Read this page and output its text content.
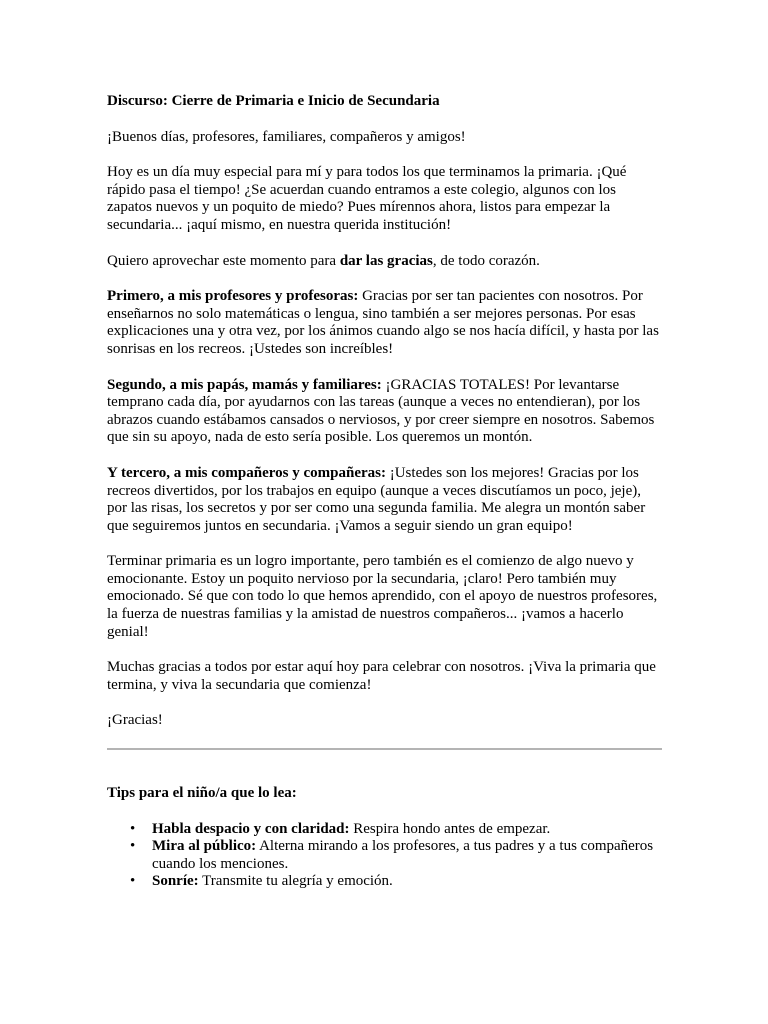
Discurso: Cierre de Primaria e Inicio de Secundaria

¡Buenos días, profesores, familiares, compañeros y amigos!

Hoy es un día muy especial para mí y para todos los que terminamos la primaria. ¡Qué rápido pasa el tiempo! ¿Se acuerdan cuando entramos a este colegio, algunos con los zapatos nuevos y un poquito de miedo? Pues mírennos ahora, listos para empezar la secundaria... ¡aquí mismo, en nuestra querida institución!

Quiero aprovechar este momento para dar las gracias, de todo corazón.

Primero, a mis profesores y profesoras: Gracias por ser tan pacientes con nosotros. Por enseñarnos no solo matemáticas o lengua, sino también a ser mejores personas. Por esas explicaciones una y otra vez, por los ánimos cuando algo se nos hacía difícil, y hasta por las sonrisas en los recreos. ¡Ustedes son increíbles!

Segundo, a mis papás, mamás y familiares: ¡GRACIAS TOTALES! Por levantarse temprano cada día, por ayudarnos con las tareas (aunque a veces no entendieran), por los abrazos cuando estábamos cansados o nerviosos, y por creer siempre en nosotros. Sabemos que sin su apoyo, nada de esto sería posible. Los queremos un montón.

Y tercero, a mis compañeros y compañeras: ¡Ustedes son los mejores! Gracias por los recreos divertidos, por los trabajos en equipo (aunque a veces discutíamos un poco, jeje), por las risas, los secretos y por ser como una segunda familia. Me alegra un montón saber que seguiremos juntos en secundaria. ¡Vamos a seguir siendo un gran equipo!

Terminar primaria es un logro importante, pero también es el comienzo de algo nuevo y emocionante. Estoy un poquito nervioso por la secundaria, ¡claro! Pero también muy emocionado. Sé que con todo lo que hemos aprendido, con el apoyo de nuestros profesores, la fuerza de nuestras familias y la amistad de nuestros compañeros... ¡vamos a hacerlo genial!

Muchas gracias a todos por estar aquí hoy para celebrar con nosotros. ¡Viva la primaria que termina, y viva la secundaria que comienza!

¡Gracias!

Tips para el niño/a que lo lea:

• Habla despacio y con claridad: Respira hondo antes de empezar.
• Mira al público: Alterna mirando a los profesores, a tus padres y a tus compañeros cuando los menciones.
• Sonríe: Transmite tu alegría y emoción.
